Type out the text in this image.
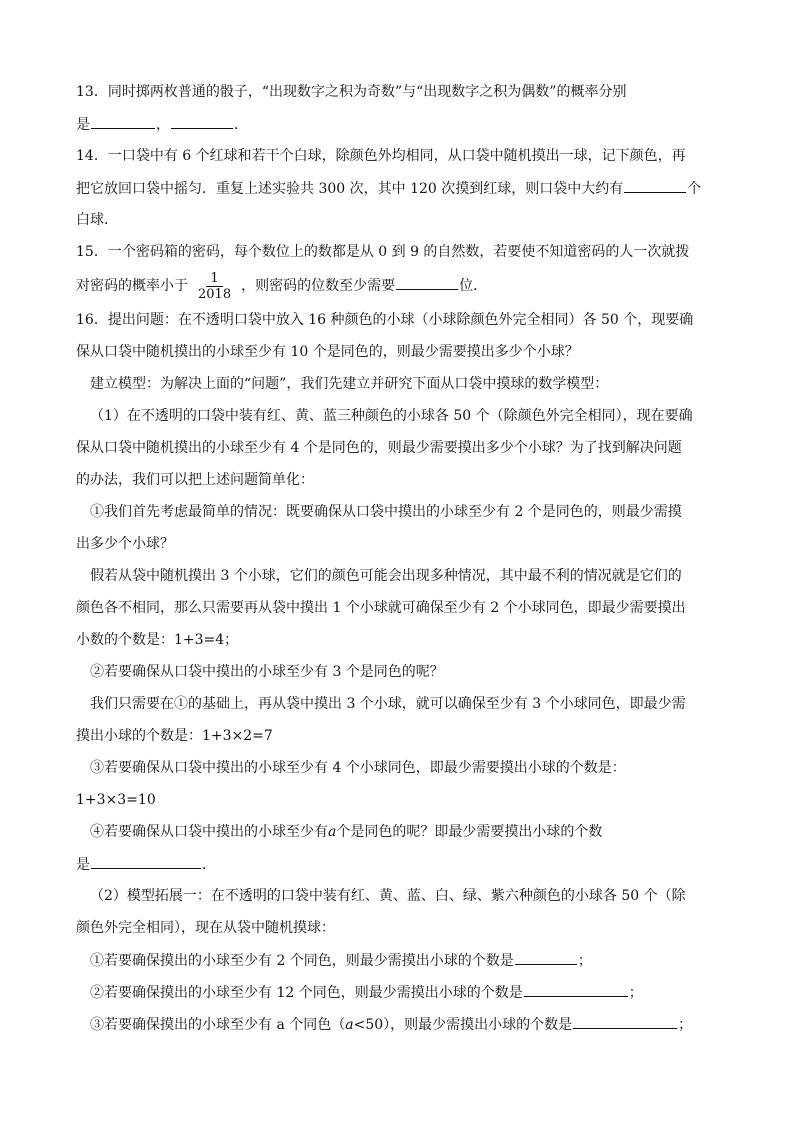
13．同时掷两枚普通的骰子，“出现数字之积为奇数”与“出现数字之积为偶数”的概率分别
是	，	．
14．一口袋中有 6 个红球和若干个白球，除颜色外均相同，从口袋中随机摸出一球，记下颜色，再
把它放回口袋中摇匀．重复上述实验共 300 次，其中 120 次摸到红球，则口袋中大约有	个
白球．
15．一个密码箱的密码，每个数位上的数都是从 0 到 9 的自然数，若要使不知道密码的人一次就拨
对密码的概率小于 $\frac{1}{2018}$ ，则密码的位数至少需要	位．
16．提出问题：在不透明口袋中放入 16 种颜色的小球（小球除颜色外完全相同）各 50 个，现要确
保从口袋中随机摸出的小球至少有 10 个是同色的，则最少需要摸出多少个小球？
建立模型：为解决上面的“问题”，我们先建立并研究下面从口袋中摸球的数学模型：
（1）在不透明的口袋中装有红、黄、蓝三种颜色的小球各 50 个（除颜色外完全相同），现在要确
保从口袋中随机摸出的小球至少有 4 个是同色的，则最少需要摸出多少个小球？为了找到解决问题
的办法，我们可以把上述问题简单化：
①我们首先考虑最简单的情况：既要确保从口袋中摸出的小球至少有 2 个是同色的，则最少需摸
出多少个小球？
假若从袋中随机摸出 3 个小球，它们的颜色可能会出现多种情况，其中最不利的情况就是它们的
颜色各不相同，那么只需要再从袋中摸出 1 个小球就可确保至少有 2 个小球同色，即最少需要摸出
小数的个数是：1+3=4；
②若要确保从口袋中摸出的小球至少有 3 个是同色的呢？
我们只需要在①的基础上，再从袋中摸出 3 个小球，就可以确保至少有 3 个小球同色，即最少需
摸出小球的个数是：1+3×2=7
③若要确保从口袋中摸出的小球至少有 4 个小球同色，即最少需要摸出小球的个数是：
1+3×3=10
④若要确保从口袋中摸出的小球至少有a个是同色的呢？即最少需要摸出小球的个数
是	．
（2）模型拓展一：在不透明的口袋中装有红、黄、蓝、白、绿、紫六种颜色的小球各 50 个（除
颜色外完全相同），现在从袋中随机摸球：
①若要确保摸出的小球至少有 2 个同色，则最少需摸出小球的个数是	；
②若要确保摸出的小球至少有 12 个同色，则最少需摸出小球的个数是	；
③若要确保摸出的小球至少有 a 个同色（a<50），则最少需摸出小球的个数是	；
